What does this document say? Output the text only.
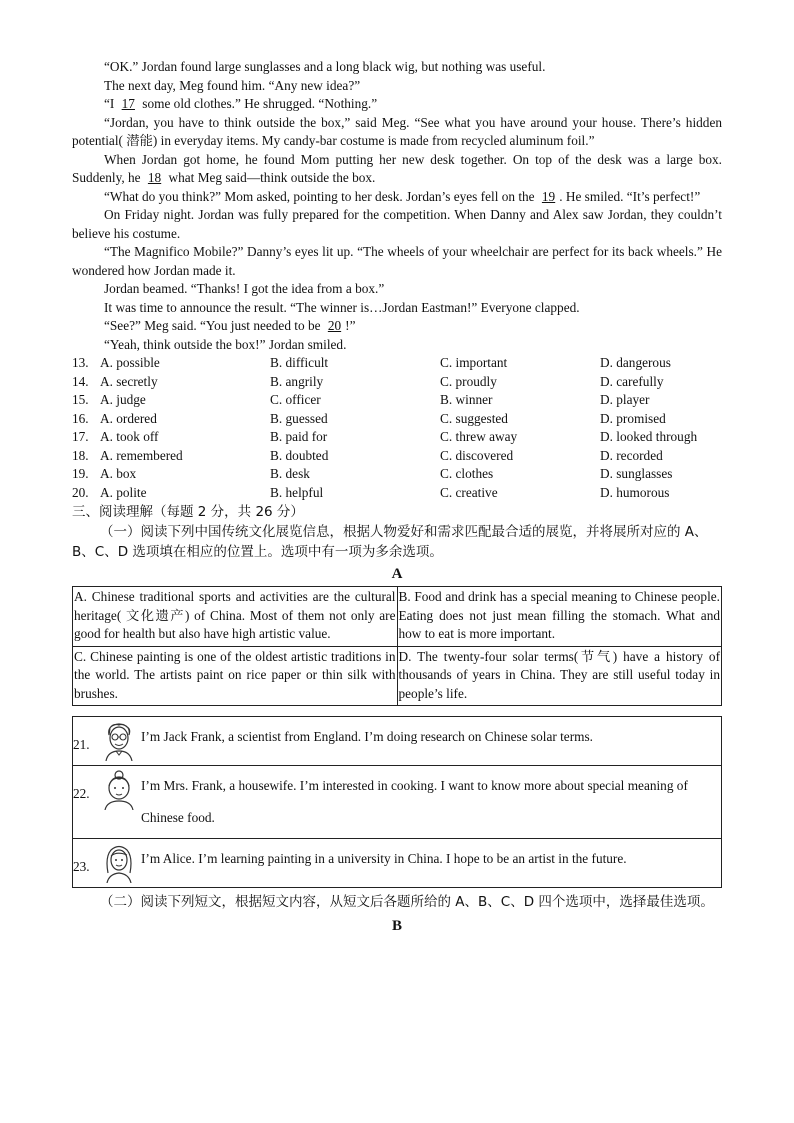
“OK.” Jordan found large sunglasses and a long black wig, but nothing was useful.

The next day, Meg found him. “Any new idea?”

“I 17 some old clothes.” He shrugged. “Nothing.”

“Jordan, you have to think outside the box,” said Meg. “See what you have around your house. There’s hidden potential( 潜能) in everyday items. My candy-bar costume is made from recycled aluminum foil.”

When Jordan got home, he found Mom putting her new desk together. On top of the desk was a large box. Suddenly, he 18 what Meg said—think outside the box.

“What do you think?” Mom asked, pointing to her desk. Jordan’s eyes fell on the 19 . He smiled. “It’s perfect!”

On Friday night. Jordan was fully prepared for the competition. When Danny and Alex saw Jordan, they couldn’t believe his costume.

“The Magnifico Mobile?” Danny’s eyes lit up. “The wheels of your wheelchair are perfect for its back wheels.” He wondered how Jordan made it.

Jordan beamed. “Thanks! I got the idea from a box.”

It was time to announce the result. “The winner is…Jordan Eastman!” Everyone clapped.

“See?” Meg said. “You just needed to be 20 !”

“Yeah, think outside the box!” Jordan smiled.

13. A. possible	B. difficult	C. important	D. dangerous
14. A. secretly	B. angrily	C. proudly	D. carefully
15. A. judge	C. officer	B. winner	D. player
16. A. ordered	B. guessed	C. suggested	D. promised
17. A. took off	B. paid for	C. threw away	D. looked through
18. A. remembered	B. doubted	C. discovered	D. recorded
19. A. box	B. desk	C. clothes	D. sunglasses
20. A. polite	B. helpful	C. creative	D. humorous

三、阅读理解（每题 2 分，共 26 分）

（一）阅读下列中国传统文化展览信息，根据人物爱好和需求匹配最合适的展览，并将展所对应的 A、B、C、D 选项填在相应的位置上。选项中有一项为多余选项。

A

A. Chinese traditional sports and activities are the cultural heritage( 文化遗产) of China. Most of them not only are good for health but also have high artistic value.	B. Food and drink has a special meaning to Chinese people. Eating does not just mean filling the stomach. What and how to eat is more important.
C. Chinese painting is one of the oldest artistic traditions in the world. The artists paint on rice paper or thin silk with brushes.	D. The twenty-four solar terms(节气) have a history of thousands of years in China. They are still useful today in people’s life.
21.
I’m Jack Frank, a scientist from England. I’m doing research on Chinese solar terms.
22.
I’m Mrs. Frank, a housewife. I’m interested in cooking. I want to know more about special meaning of Chinese food.
23.
I’m Alice. I’m learning painting in a university in China. I hope to be an artist in the future.

（二）阅读下列短文，根据短文内容，从短文后各题所给的 A、B、C、D 四个选项中，选择最佳选项。

B
